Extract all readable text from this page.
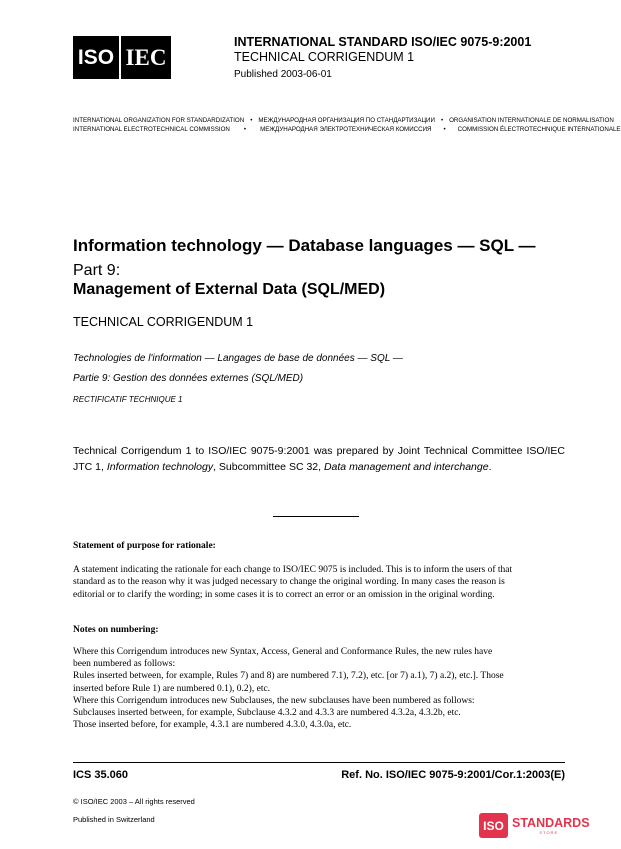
ISO IEC
INTERNATIONAL STANDARD ISO/IEC 9075-9:2001
TECHNICAL CORRIGENDUM 1
Published 2003-06-01
INTERNATIONAL ORGANIZATION FOR STANDARDIZATION • МЕЖДУНАРОДНАЯ ОРГАНИЗАЦИЯ ПО СТАНДАРТИЗАЦИИ • ORGANISATION INTERNATIONALE DE NORMALISATION
INTERNATIONAL ELECTROTECHNICAL COMMISSION • МЕЖДУНАРОДНАЯ ЭЛЕКТРОТЕХНИЧЕСКАЯ КОМИССИЯ • COMMISSION ÉLECTROTECHNIQUE INTERNATIONALE
Information technology — Database languages — SQL —
Part 9:
Management of External Data (SQL/MED)
TECHNICAL CORRIGENDUM 1
Technologies de l'information — Langages de base de données — SQL —
Partie 9: Gestion des données externes (SQL/MED)
RECTIFICATIF TECHNIQUE 1
Technical Corrigendum 1 to ISO/IEC 9075-9:2001 was prepared by Joint Technical Committee ISO/IEC JTC 1, Information technology, Subcommittee SC 32, Data management and interchange.
Statement of purpose for rationale:
A statement indicating the rationale for each change to ISO/IEC 9075 is included. This is to inform the users of that standard as to the reason why it was judged necessary to change the original wording. In many cases the reason is editorial or to clarify the wording; in some cases it is to correct an error or an omission in the original wording.
Notes on numbering:
Where this Corrigendum introduces new Syntax, Access, General and Conformance Rules, the new rules have
been numbered as follows:
Rules inserted between, for example, Rules 7) and 8) are numbered 7.1), 7.2), etc. [or 7) a.1), 7) a.2), etc.]. Those
inserted before Rule 1) are numbered 0.1), 0.2), etc.
Where this Corrigendum introduces new Subclauses, the new subclauses have been numbered as follows:
Subclauses inserted between, for example, Subclause 4.3.2 and 4.3.3 are numbered 4.3.2a, 4.3.2b, etc.
Those inserted before, for example, 4.3.1 are numbered 4.3.0, 4.3.0a, etc.
ICS 35.060	Ref. No. ISO/IEC 9075-9:2001/Cor.1:2003(E)
© ISO/IEC 2003 – All rights reserved
Published in Switzerland	ISO STANDARDS
STORE
